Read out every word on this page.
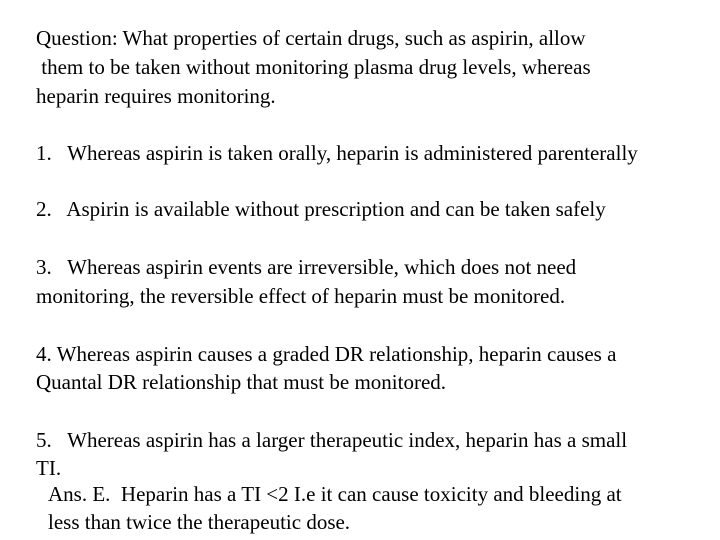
Question: What properties of certain drugs, such as aspirin, allow
them to be taken without monitoring plasma drug levels, whereas
heparin requires monitoring.
1.   Whereas aspirin is taken orally, heparin is administered parenterally
2.   Aspirin is available without prescription and can be taken safely
3.   Whereas aspirin events are irreversible, which does not need
monitoring, the reversible effect of heparin must be monitored.
4. Whereas aspirin causes a graded DR relationship, heparin causes a
Quantal DR relationship that must be monitored.
5.   Whereas aspirin has a larger therapeutic index, heparin has a small
TI.
Ans. E.  Heparin has a TI <2 I.e it can cause toxicity and bleeding at
less than twice the therapeutic dose.
